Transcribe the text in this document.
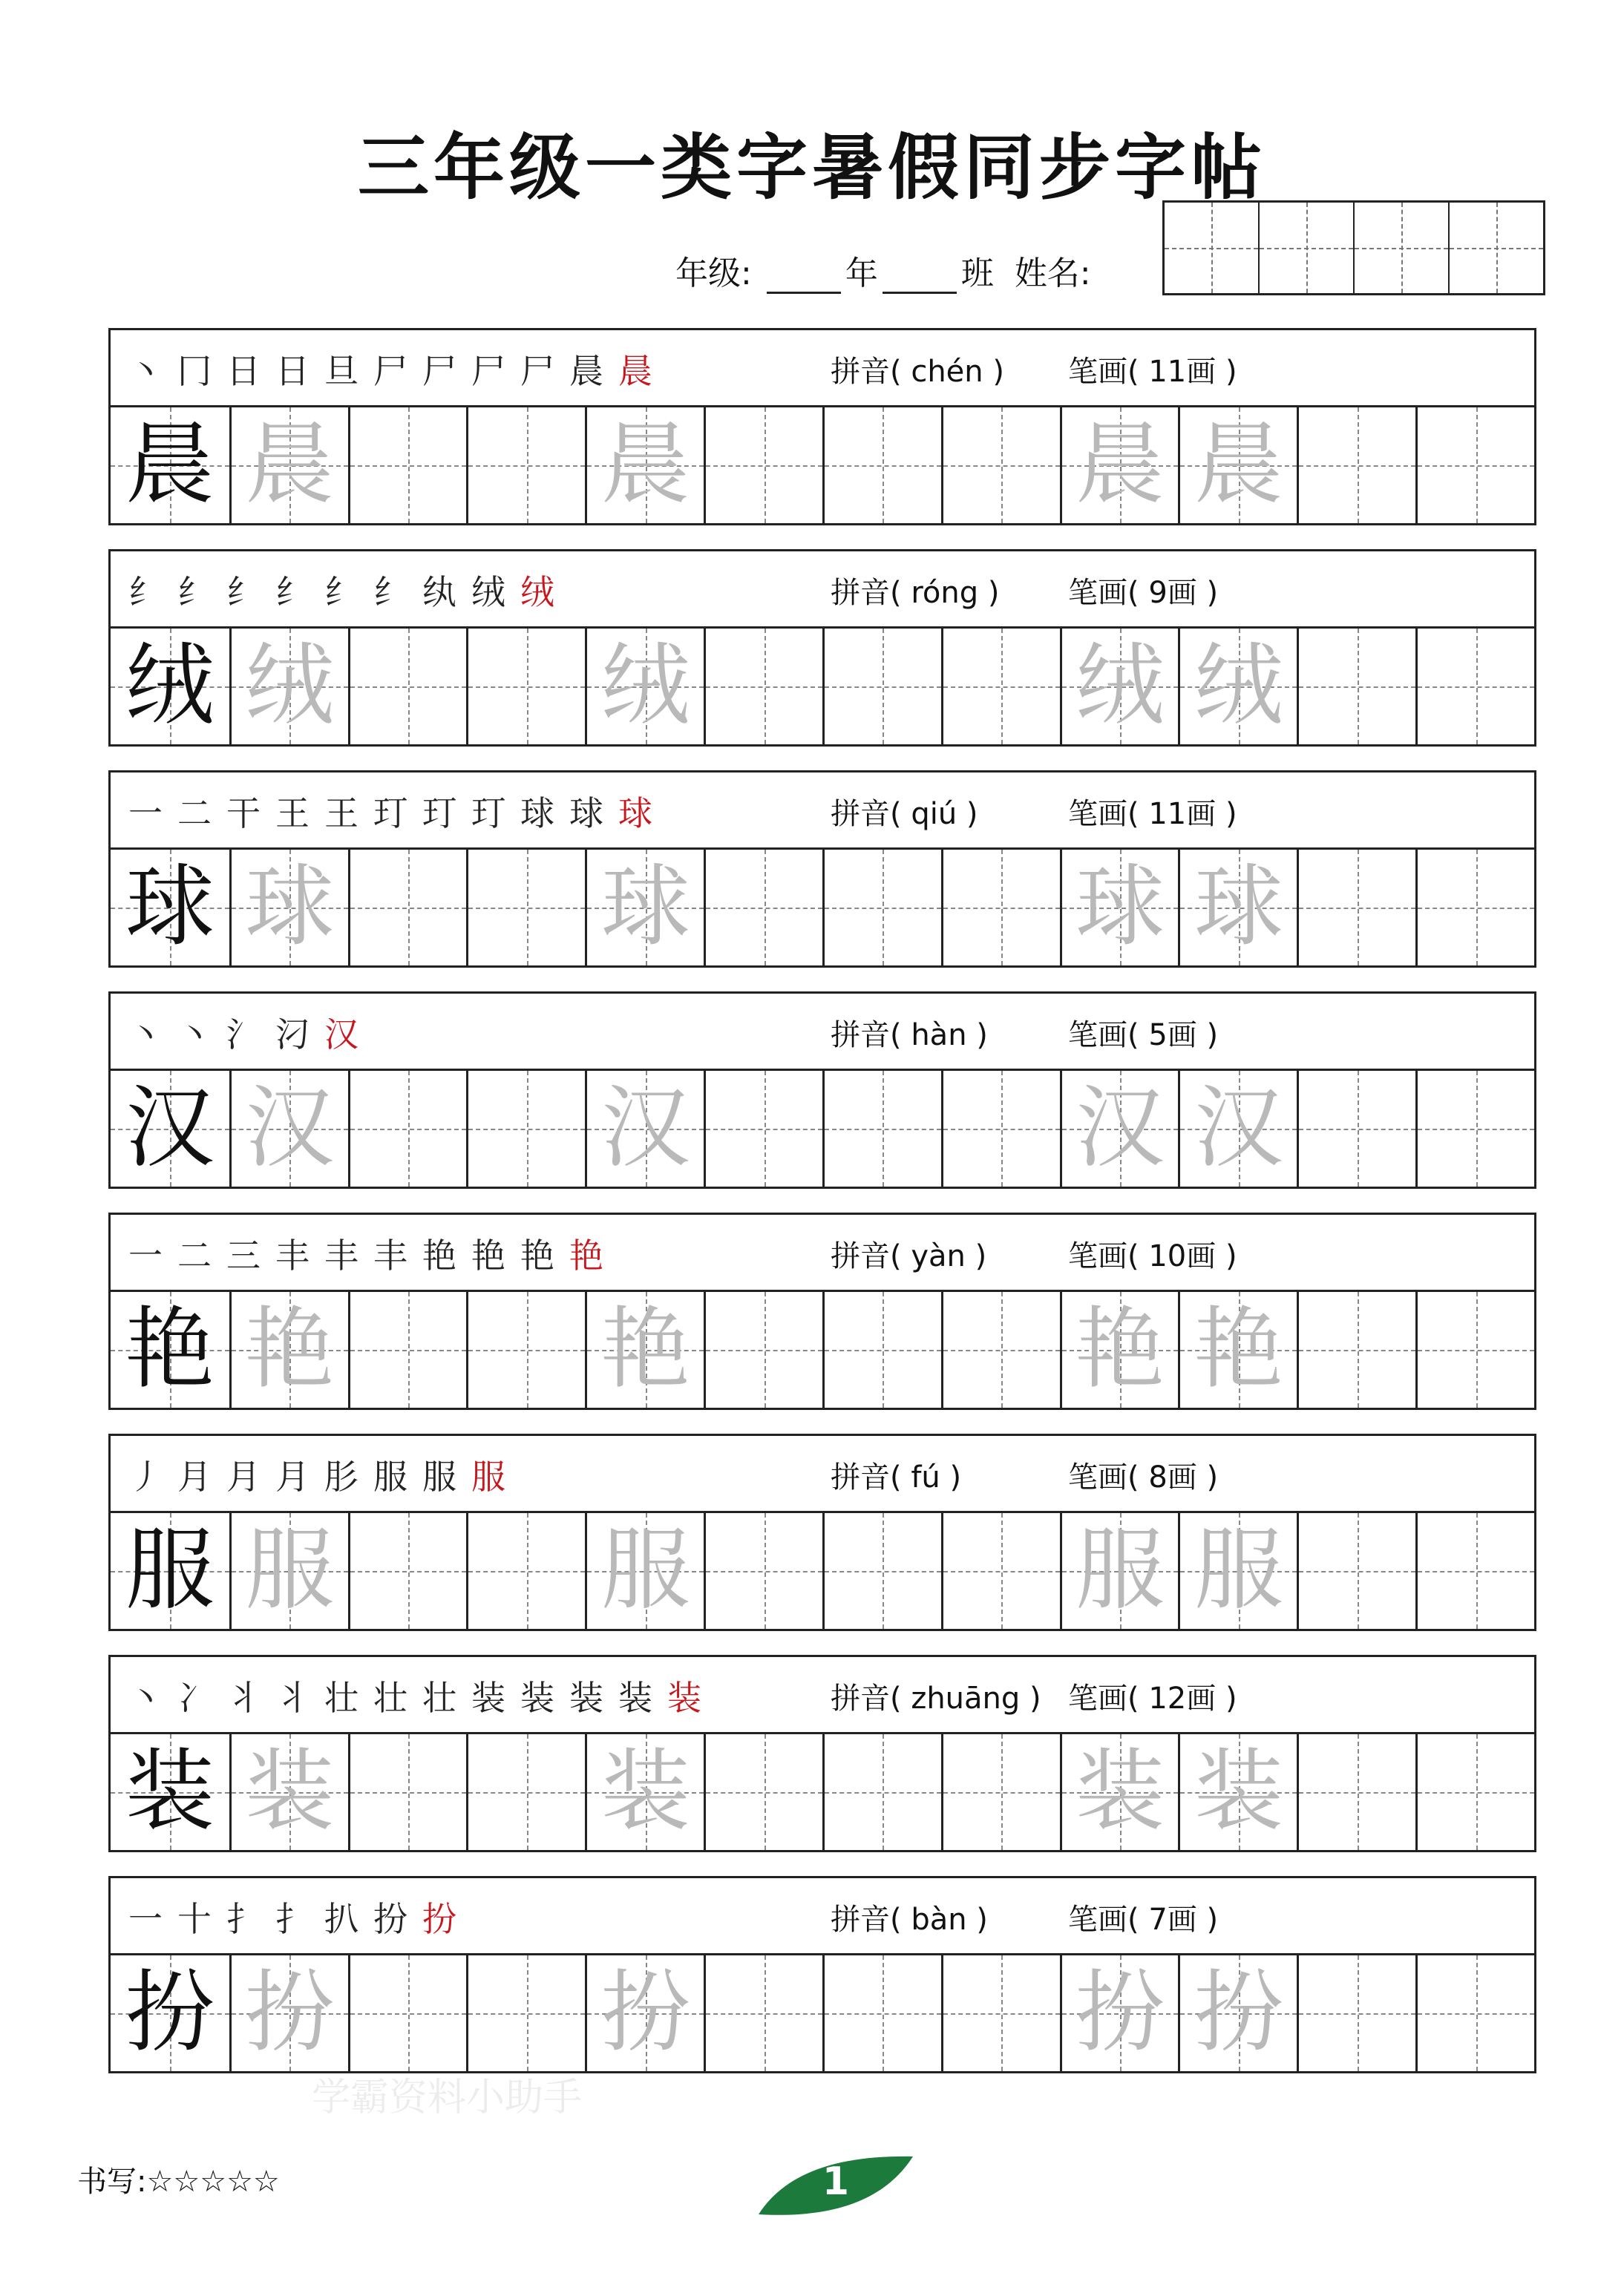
三年级一类字暑假同步字帖
年级:	年	班 姓名:
丶 冂 日 日 旦 尸 尸 尸 尸 晨 晨	拼音( chén ) 笔画( 11画 )
晨 晨	晨	晨 晨
纟 纟 纟 纟 纟 纟 纨 绒 绒	拼音( róng ) 笔画( 9画 )
绒 绒	绒	绒 绒
一 二 干 王 王 玎 玎 玎 球 球 球	拼音( qiú )	笔画( 11画 )
球 球	球	球 球
丶 丶 氵 汈 汉	拼音( hàn )	笔画( 5画 )
汉 汉	汉	汉 汉
一 二 三 丰 丰 丰 艳 艳 艳 艳	拼音( yàn )	笔画( 10画 )
艳 艳	艳	艳 艳
丿 月 月 月 肜 服 服 服	拼音( fú )	笔画( 8画 )
服 服	服	服 服
丶 冫 丬 丬 壮 壮 壮 装 装 装 装 装	拼音( zhuāng ) 笔画( 12画 )
装 装	装	装 装
一 十 扌 扌 扒 扮 扮	拼音( bàn )	笔画( 7画 )
扮 扮	扮	扮 扮
学霸资料小助手
书写:☆☆☆☆☆	1
